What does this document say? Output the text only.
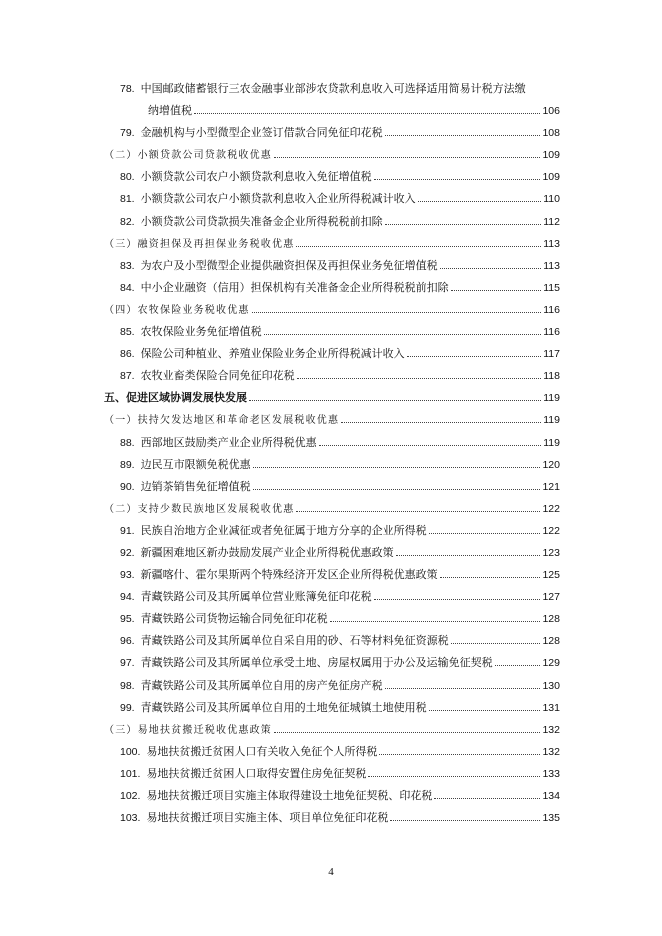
78. 中国邮政储蓄银行三农金融事业部涉农贷款利息收入可选择适用简易计税方法缴
纳增值税	106
79. 金融机构与小型微型企业签订借款合同免征印花税	108
（二）小额贷款公司贷款税收优惠	109
80. 小额贷款公司农户小额贷款利息收入免征增值税	109
81. 小额贷款公司农户小额贷款利息收入企业所得税减计收入	110
82. 小额贷款公司贷款损失准备金企业所得税税前扣除	112
（三）融资担保及再担保业务税收优惠	113
83. 为农户及小型微型企业提供融资担保及再担保业务免征增值税	113
84. 中小企业融资（信用）担保机构有关准备金企业所得税税前扣除	115
（四）农牧保险业务税收优惠	116
85. 农牧保险业务免征增值税	116
86. 保险公司种植业、养殖业保险业务企业所得税减计收入	117
87. 农牧业畜类保险合同免征印花税	118
五、促进区域协调发展快发展	119
（一）扶持欠发达地区和革命老区发展税收优惠	119
88. 西部地区鼓励类产业企业所得税优惠	119
89. 边民互市限额免税优惠	120
90. 边销茶销售免征增值税	121
（二）支持少数民族地区发展税收优惠	122
91. 民族自治地方企业减征或者免征属于地方分享的企业所得税	122
92. 新疆困难地区新办鼓励发展产业企业所得税优惠政策	123
93. 新疆喀什、霍尔果斯两个特殊经济开发区企业所得税优惠政策	125
94. 青藏铁路公司及其所属单位营业账簿免征印花税	127
95. 青藏铁路公司货物运输合同免征印花税	128
96. 青藏铁路公司及其所属单位自采自用的砂、石等材料免征资源税	128
97. 青藏铁路公司及其所属单位承受土地、房屋权属用于办公及运输免征契税	129
98. 青藏铁路公司及其所属单位自用的房产免征房产税	130
99. 青藏铁路公司及其所属单位自用的土地免征城镇土地使用税	131
（三）易地扶贫搬迁税收优惠政策	132
100. 易地扶贫搬迁贫困人口有关收入免征个人所得税	132
101. 易地扶贫搬迁贫困人口取得安置住房免征契税	133
102. 易地扶贫搬迁项目实施主体取得建设土地免征契税、印花税	134
103. 易地扶贫搬迁项目实施主体、项目单位免征印花税	135
4
